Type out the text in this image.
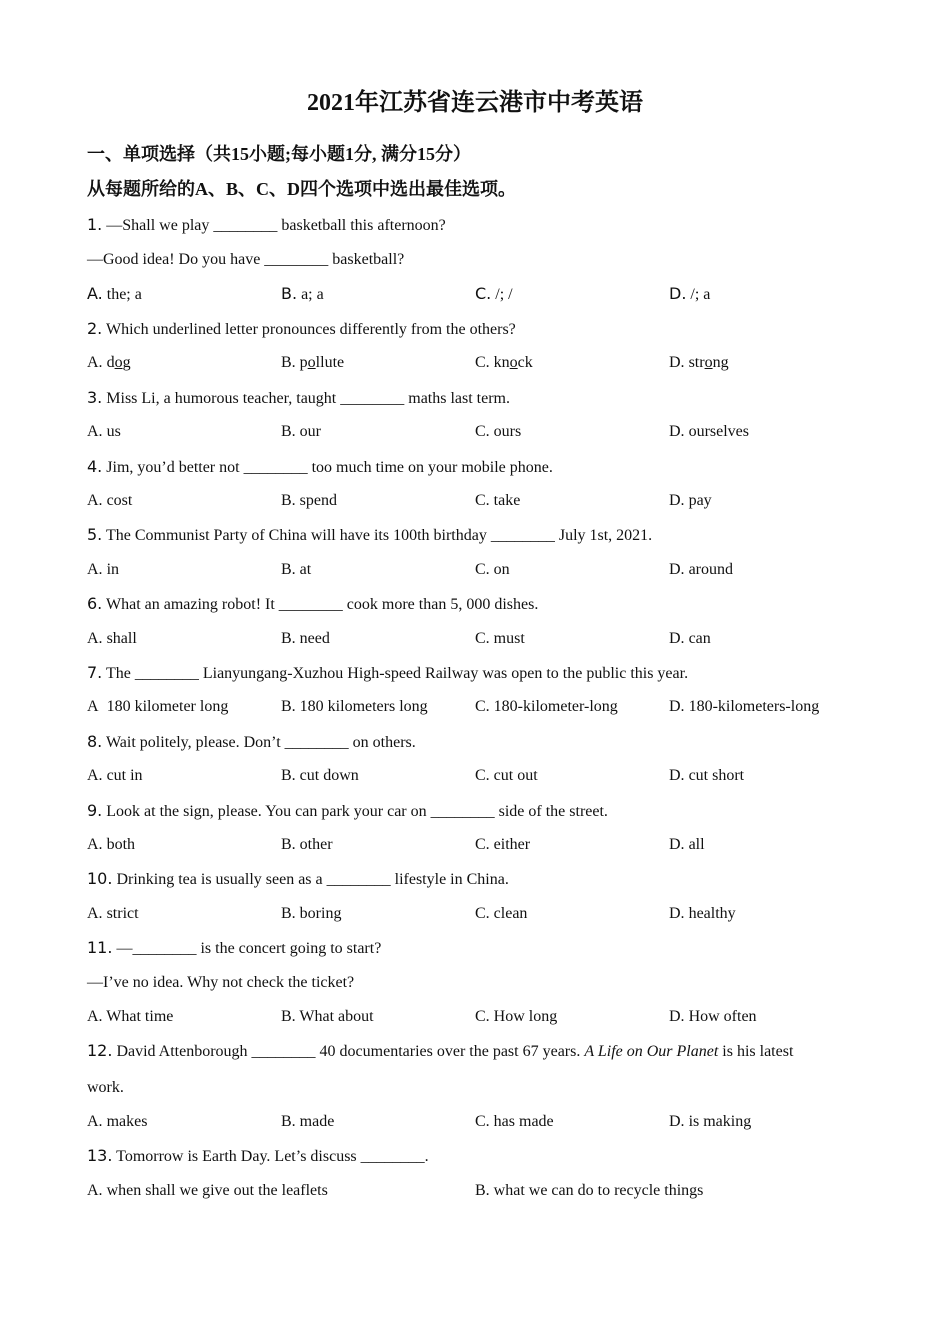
2021年江苏省连云港市中考英语
一、单项选择（共15小题;每小题1分, 满分15分）
从每题所给的A、B、C、D四个选项中选出最佳选项。
1. —Shall we play ________ basketball this afternoon?
—Good idea! Do you have ________ basketball?
A. the; a	B. a; a	C. /; /	D. /; a
2. Which underlined letter pronounces differently from the others?
A. dog	B. pollute	C. knock	D. strong
3. Miss Li, a humorous teacher, taught ________ maths last term.
A. us	B. our	C. ours	D. ourselves
4. Jim, you’d better not ________ too much time on your mobile phone.
A. cost	B. spend	C. take	D. pay
5. The Communist Party of China will have its 100th birthday ________ July 1st, 2021.
A. in	B. at	C. on	D. around
6. What an amazing robot! It ________ cook more than 5, 000 dishes.
A. shall	B. need	C. must	D. can
7. The ________ Lianyungang-Xuzhou High-speed Railway was open to the public this year.
A 180 kilometer long	B. 180 kilometers long	C. 180-kilometer-long	D. 180-kilometers-long
8. Wait politely, please. Don’t ________ on others.
A. cut in	B. cut down	C. cut out	D. cut short
9. Look at the sign, please. You can park your car on ________ side of the street.
A. both	B. other	C. either	D. all
10. Drinking tea is usually seen as a ________ lifestyle in China.
A. strict	B. boring	C. clean	D. healthy
11. —________ is the concert going to start?
—I’ve no idea. Why not check the ticket?
A. What time	B. What about	C. How long	D. How often
12. David Attenborough ________ 40 documentaries over the past 67 years. A Life on Our Planet is his latest
work.
A. makes	B. made	C. has made	D. is making
13. Tomorrow is Earth Day. Let’s discuss ________.
A. when shall we give out the leaflets	B. what we can do to recycle things
